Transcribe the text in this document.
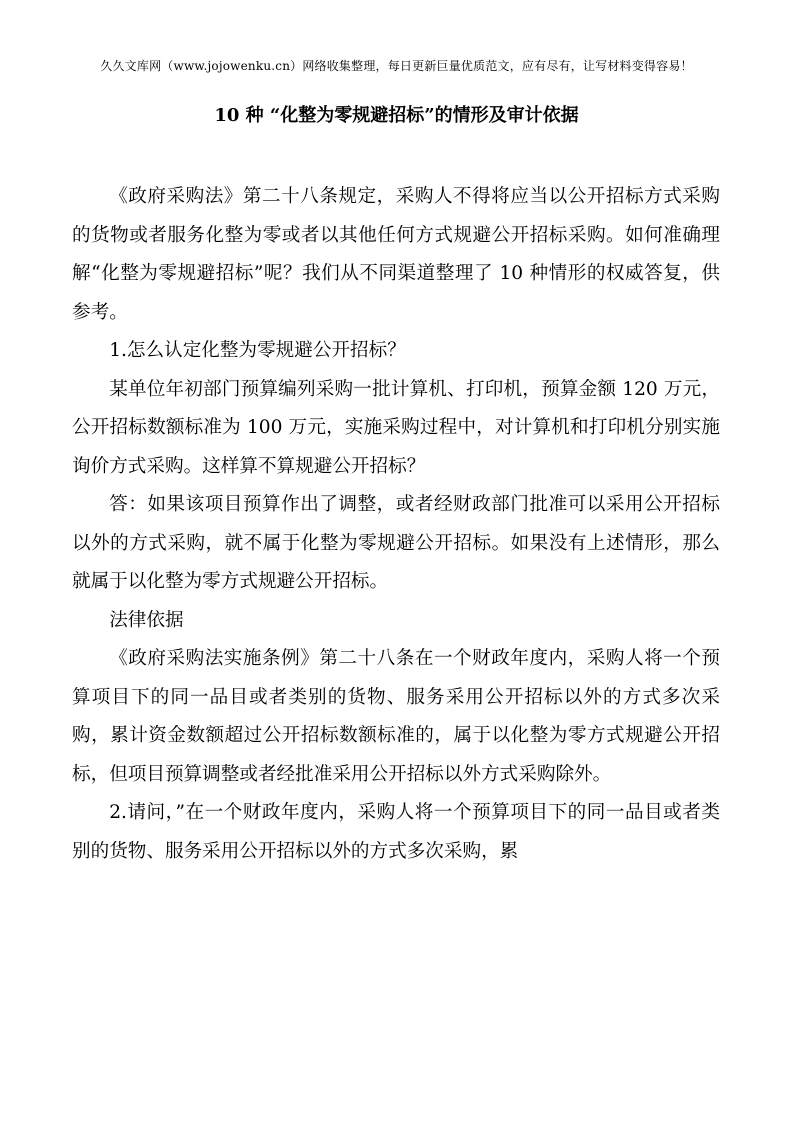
久久文库网（www.jojowenku.cn）网络收集整理，每日更新巨量优质范文，应有尽有，让写材料变得容易！
10 种 “化整为零规避招标”的情形及审计依据

《政府采购法》第二十八条规定，采购人不得将应当以公开招标方式采购的货物或者服务化整为零或者以其他任何方式规避公开招标采购。如何准确理解“化整为零规避招标”呢？我们从不同渠道整理了 10 种情形的权威答复，供参考。

1.怎么认定化整为零规避公开招标？

某单位年初部门预算编列采购一批计算机、打印机，预算金额 120 万元，公开招标数额标准为 100 万元，实施采购过程中，对计算机和打印机分别实施询价方式采购。这样算不算规避公开招标？

答：如果该项目预算作出了调整，或者经财政部门批准可以采用公开招标以外的方式采购，就不属于化整为零规避公开招标。如果没有上述情形，那么就属于以化整为零方式规避公开招标。

法律依据

《政府采购法实施条例》第二十八条在一个财政年度内，采购人将一个预算项目下的同一品目或者类别的货物、服务采用公开招标以外的方式多次采购，累计资金数额超过公开招标数额标准的，属于以化整为零方式规避公开招标，但项目预算调整或者经批准采用公开招标以外方式采购除外。

2.请问，”在一个财政年度内，采购人将一个预算项目下的同一品目或者类别的货物、服务采用公开招标以外的方式多次采购，累
